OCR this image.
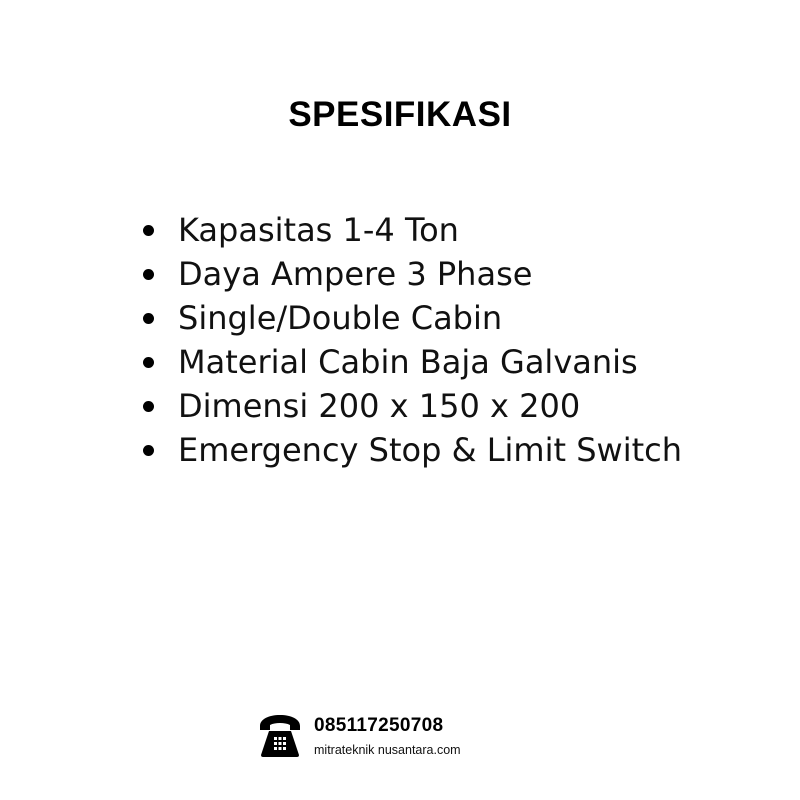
SPESIFIKASI
Kapasitas 1-4 Ton
Daya Ampere 3 Phase
Single/Double Cabin
Material Cabin Baja Galvanis
Dimensi 200 x 150 x 200
Emergency Stop & Limit Switch
085117250708
mitrateknik nusantara.com
